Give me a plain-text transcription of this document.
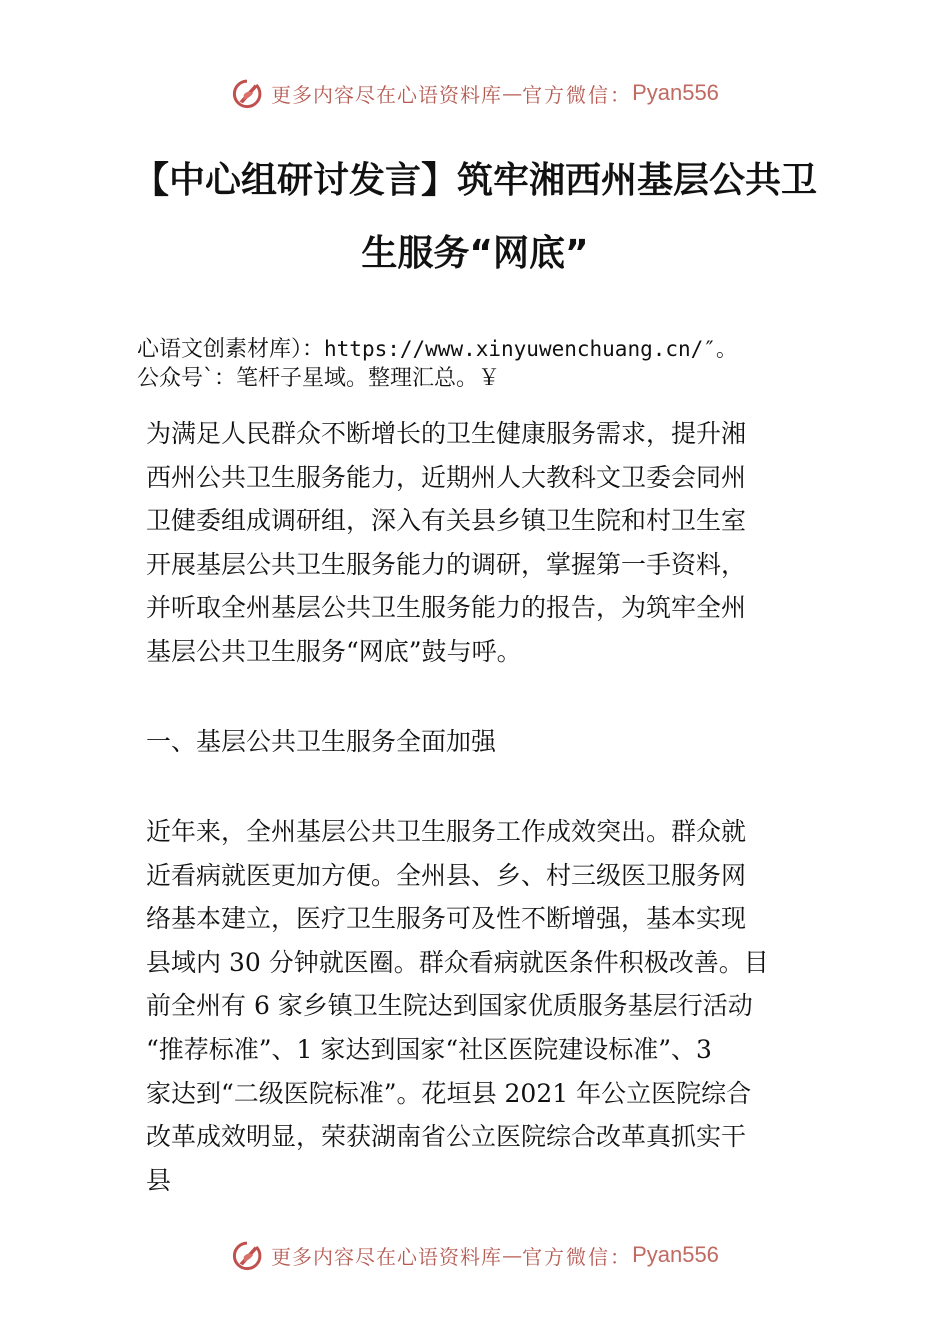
更多内容尽在心语资料库 — 官方微信： Pyan556
【中心组研讨发言】筑牢湘西州基层公共卫
生服务“网底”
心语文创素材库）：https://www.xinyuwenchuang.cn/″。
公众号`：笔杆子星域。整理汇总。￥
为满足人民群众不断增长的卫生健康服务需求，提升湘
西州公共卫生服务能力，近期州人大教科文卫委会同州
卫健委组成调研组，深入有关县乡镇卫生院和村卫生室
开展基层公共卫生服务能力的调研，掌握第一手资料，
并听取全州基层公共卫生服务能力的报告，为筑牢全州
基层公共卫生服务“网底”鼓与呼。
一、基层公共卫生服务全面加强
近年来，全州基层公共卫生服务工作成效突出。群众就
近看病就医更加方便。全州县、乡、村三级医卫服务网
络基本建立，医疗卫生服务可及性不断增强，基本实现
县域内 30 分钟就医圈。群众看病就医条件积极改善。目
前全州有 6 家乡镇卫生院达到国家优质服务基层行活动
“推荐标准”、1 家达到国家“社区医院建设标准”、3
家达到“二级医院标准”。花垣县 2021 年公立医院综合
改革成效明显，荣获湖南省公立医院综合改革真抓实干
县
更多内容尽在心语资料库 — 官方微信： Pyan556
